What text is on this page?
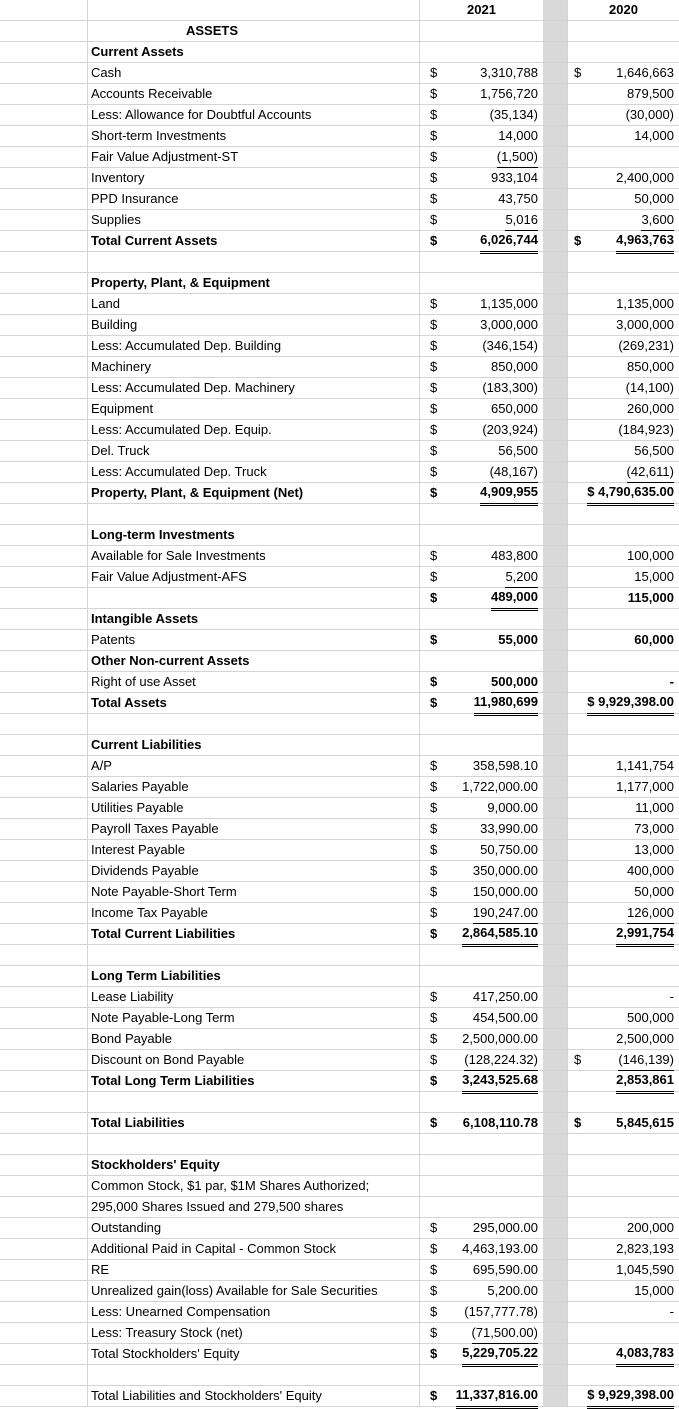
2021	2020
ASSETS
Current Assets
Cash	$	3,310,788	$	1,646,663
Accounts Receivable	$	1,756,720	879,500
Less: Allowance for Doubtful Accounts	$	(35,134)	(30,000)
Short-term Investments	$	14,000	14,000
Fair Value Adjustment-ST	$	(1,500)
Inventory	$	933,104	2,400,000
PPD Insurance	$	43,750	50,000
Supplies	$	5,016	3,600
Total Current Assets	$	6,026,744	$	4,963,763
Property, Plant, & Equipment
Land	$	1,135,000	1,135,000
Building	$	3,000,000	3,000,000
Less: Accumulated Dep. Building	$	(346,154)	(269,231)
Machinery	$	850,000	850,000
Less: Accumulated Dep. Machinery	$	(183,300)	(14,100)
Equipment	$	650,000	260,000
Less: Accumulated Dep. Equip.	$	(203,924)	(184,923)
Del. Truck	$	56,500	56,500
Less: Accumulated Dep. Truck	$	(48,167)	(42,611)
Property, Plant, & Equipment (Net)	$	4,909,955	$ 4,790,635.00
Long-term Investments
Available for Sale Investments	$	483,800	100,000
Fair Value Adjustment-AFS	$	5,200	15,000
$	489,000	115,000
Intangible Assets
Patents	$	55,000	60,000
Other Non-current Assets
Right of use Asset	$	500,000	-
Total Assets	$	11,980,699	$ 9,929,398.00
Current Liabilities
A/P	$	358,598.10	1,141,754
Salaries Payable	$ 1,722,000.00	1,177,000
Utilities Payable	$	9,000.00	11,000
Payroll Taxes Payable	$	33,990.00	73,000
Interest Payable	$	50,750.00	13,000
Dividends Payable	$	350,000.00	400,000
Note Payable-Short Term	$	150,000.00	50,000
Income Tax Payable	$	190,247.00	126,000
Total Current Liabilities	$ 2,864,585.10	2,991,754
Long Term Liabilities
Lease Liability	$	417,250.00	-
Note Payable-Long Term	$	454,500.00	500,000
Bond Payable	$ 2,500,000.00	2,500,000
Discount on Bond Payable	$ (128,224.32)	$	(146,139)
Total Long Term Liabilities	$ 3,243,525.68	2,853,861
Total Liabilities	$ 6,108,110.78	$	5,845,615
Stockholders' Equity
Common Stock, $1 par, $1M Shares Authorized;
295,000 Shares Issued and 279,500 shares
Outstanding	$	295,000.00	200,000
Additional Paid in Capital - Common Stock	$ 4,463,193.00	2,823,193
RE	$	695,590.00	1,045,590
Unrealized gain(loss) Available for Sale Securities	$	5,200.00	15,000
Less: Unearned Compensation	$ (157,777.78)	-
Less: Treasury Stock (net)	$	(71,500.00)
Total Stockholders' Equity	$ 5,229,705.22	4,083,783
Total Liabilities and Stockholders' Equity	$ 11,337,816.00	$ 9,929,398.00
